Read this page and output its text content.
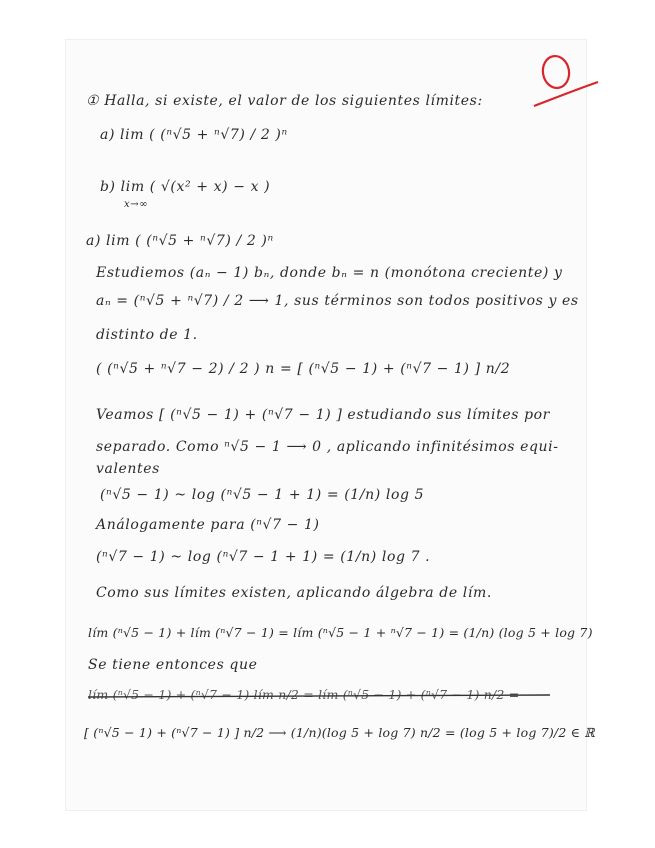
① Halla, si existe, el valor de los siguientes límites:
a) lim ( (ⁿ√5 + ⁿ√7) / 2 )ⁿ
b) lim ( √(x² + x) − x )
x→∞
a) lim ( (ⁿ√5 + ⁿ√7) / 2 )ⁿ
Estudiemos (aₙ − 1) bₙ, donde bₙ = n (monótona creciente) y
aₙ = (ⁿ√5 + ⁿ√7) / 2 ⟶ 1, sus términos son todos positivos y es
distinto de 1.
( (ⁿ√5 + ⁿ√7 − 2) / 2 ) n = [ (ⁿ√5 − 1) + (ⁿ√7 − 1) ] n/2
Veamos [ (ⁿ√5 − 1) + (ⁿ√7 − 1) ] estudiando sus límites por
separado. Como ⁿ√5 − 1 ⟶ 0 , aplicando infinitésimos equi-
valentes
(ⁿ√5 − 1) ~ log (ⁿ√5 − 1 + 1) = (1/n) log 5
Análogamente para (ⁿ√7 − 1)
(ⁿ√7 − 1) ~ log (ⁿ√7 − 1 + 1) = (1/n) log 7 .
Como sus límites existen, aplicando álgebra de lím.
lím (ⁿ√5 − 1) + lím (ⁿ√7 − 1) = lím (ⁿ√5 − 1 + ⁿ√7 − 1) = (1/n) (log 5 + log 7)
Se tiene entonces que
lím (ⁿ√5 − 1) + (ⁿ√7 − 1) lím n/2 = lím (ⁿ√5 − 1) + (ⁿ√7 − 1) n/2 =
[ (ⁿ√5 − 1) + (ⁿ√7 − 1) ] n/2 ⟶ (1/n)(log 5 + log 7) n/2 = (log 5 + log 7)/2 ∈ ℝ
